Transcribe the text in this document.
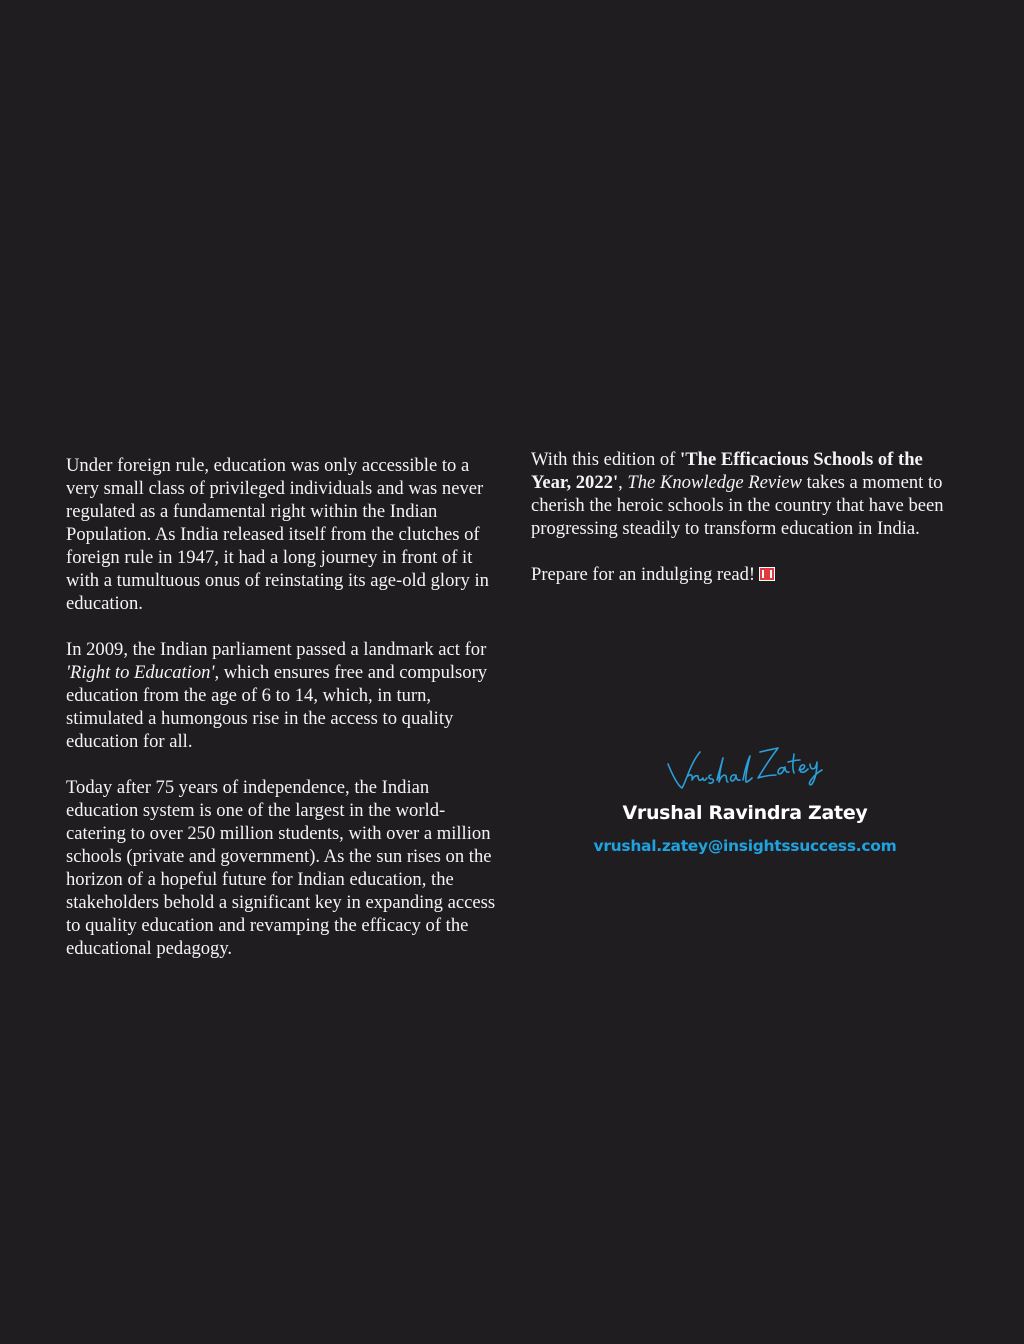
Under foreign rule, education was only accessible to a very small class of privileged individuals and was never regulated as a fundamental right within the Indian Population. As India released itself from the clutches of foreign rule in 1947, it had a long journey in front of it with a tumultuous onus of reinstating its age-old glory in education.

In 2009, the Indian parliament passed a landmark act for 'Right to Education', which ensures free and compulsory education from the age of 6 to 14, which, in turn, stimulated a humongous rise in the access to quality education for all.

Today after 75 years of independence, the Indian education system is one of the largest in the world- catering to over 250 million students, with over a million schools (private and government). As the sun rises on the horizon of a hopeful future for Indian education, the stakeholders behold a significant key in expanding access to quality education and revamping the efficacy of the educational pedagogy.

With this edition of 'The Efficacious Schools of the Year, 2022', The Knowledge Review takes a moment to cherish the heroic schools in the country that have been progressing steadily to transform education in India.

Prepare for an indulging read!

Vrushal Ravindra Zatey
vrushal.zatey@insightssuccess.com
